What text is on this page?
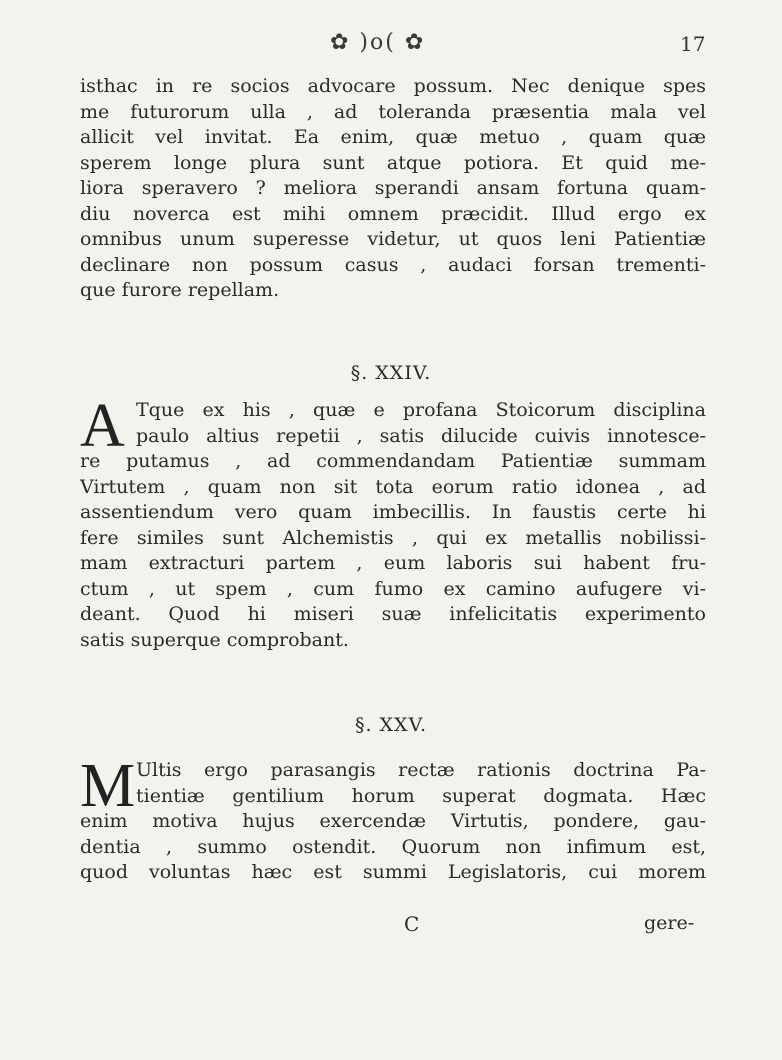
✿ )o( ✿	17
isthac in re socios advocare possum. Nec denique spes
me futurorum ulla , ad toleranda præsentia mala vel
allicit vel invitat. Ea enim, quæ metuo , quam quæ
sperem longe plura sunt atque potiora. Et quid me-
liora speravero ? meliora sperandi ansam fortuna quam-
diu noverca est mihi omnem præcidit. Illud ergo ex
omnibus unum superesse videtur, ut quos leni Patientiæ
declinare non possum casus , audaci forsan trementi-
que furore repellam.
§. XXIV.
A Tque ex his , quæ e profana Stoicorum disciplina
paulo altius repetii , satis dilucide cuivis innotesce-
re putamus , ad commendandam Patientiæ summam
Virtutem , quam non sit tota eorum ratio idonea , ad
assentiendum vero quam imbecillis. In faustis certe hi
fere similes sunt Alchemistis , qui ex metallis nobilissi-
mam extracturi partem , eum laboris sui habent fru-
ctum , ut spem , cum fumo ex camino aufugere vi-
deant. Quod hi miseri suæ infelicitatis experimento
satis superque comprobant.
§. XXV.
M Ultis ergo parasangis rectæ rationis doctrina Pa-
tientiæ gentilium horum superat dogmata. Hæc
enim motiva hujus exercendæ Virtutis, pondere, gau-
dentia , summo ostendit. Quorum non infimum est,
quod voluntas hæc est summi Legislatoris, cui morem
C	gere-
